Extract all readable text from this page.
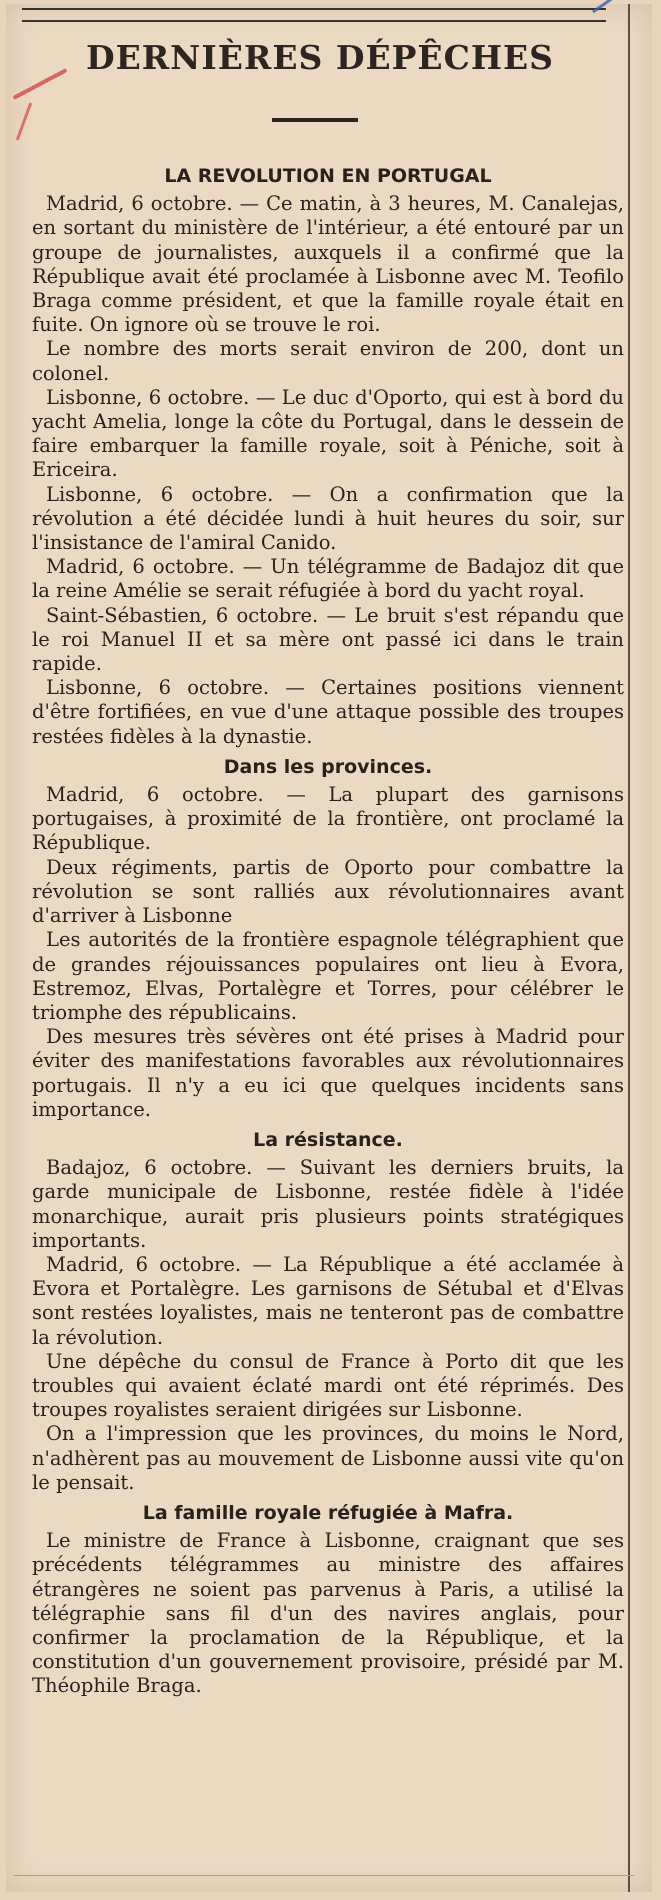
DERNIÈRES DÉPÊCHES
LA REVOLUTION EN PORTUGAL

Madrid, 6 octobre. — Ce matin, à 3 heures, M. Canalejas, en sortant du ministère de l'intérieur, a été entouré par un groupe de journalistes, auxquels il a confirmé que la République avait été proclamée à Lisbonne avec M. Teofilo Braga comme président, et que la famille royale était en fuite. On ignore où se trouve le roi.

Le nombre des morts serait environ de 200, dont un colonel.

Lisbonne, 6 octobre. — Le duc d'Oporto, qui est à bord du yacht Amelia, longe la côte du Portugal, dans le dessein de faire embarquer la famille royale, soit à Péniche, soit à Ericeira.

Lisbonne, 6 octobre. — On a confirmation que la révolution a été décidée lundi à huit heures du soir, sur l'insistance de l'amiral Canido.

Madrid, 6 octobre. — Un télégramme de Badajoz dit que la reine Amélie se serait réfugiée à bord du yacht royal.

Saint-Sébastien, 6 octobre. — Le bruit s'est répandu que le roi Manuel II et sa mère ont passé ici dans le train rapide.

Lisbonne, 6 octobre. — Certaines positions viennent d'être fortifiées, en vue d'une attaque possible des troupes restées fidèles à la dynastie.

Dans les provinces.

Madrid, 6 octobre. — La plupart des garnisons portugaises, à proximité de la frontière, ont proclamé la République.

Deux régiments, partis de Oporto pour combattre la révolution se sont ralliés aux révolutionnaires avant d'arriver à Lisbonne

Les autorités de la frontière espagnole télégraphient que de grandes réjouissances populaires ont lieu à Evora, Estremoz, Elvas, Portalègre et Torres, pour célébrer le triomphe des républicains.

Des mesures très sévères ont été prises à Madrid pour éviter des manifestations favorables aux révolutionnaires portugais. Il n'y a eu ici que quelques incidents sans importance.

La résistance.

Badajoz, 6 octobre. — Suivant les derniers bruits, la garde municipale de Lisbonne, restée fidèle à l'idée monarchique, aurait pris plusieurs points stratégiques importants.

Madrid, 6 octobre. — La République a été acclamée à Evora et Portalègre. Les garnisons de Sétubal et d'Elvas sont restées loyalistes, mais ne tenteront pas de combattre la révolution.

Une dépêche du consul de France à Porto dit que les troubles qui avaient éclaté mardi ont été réprimés. Des troupes royalistes seraient dirigées sur Lisbonne.

On a l'impression que les provinces, du moins le Nord, n'adhèrent pas au mouvement de Lisbonne aussi vite qu'on le pensait.

La famille royale réfugiée à Mafra.

Le ministre de France à Lisbonne, craignant que ses précédents télégrammes au ministre des affaires étrangères ne soient pas parvenus à Paris, a utilisé la télégraphie sans fil d'un des navires anglais, pour confirmer la proclamation de la République, et la constitution d'un gouvernement provisoire, présidé par M. Théophile Braga.
